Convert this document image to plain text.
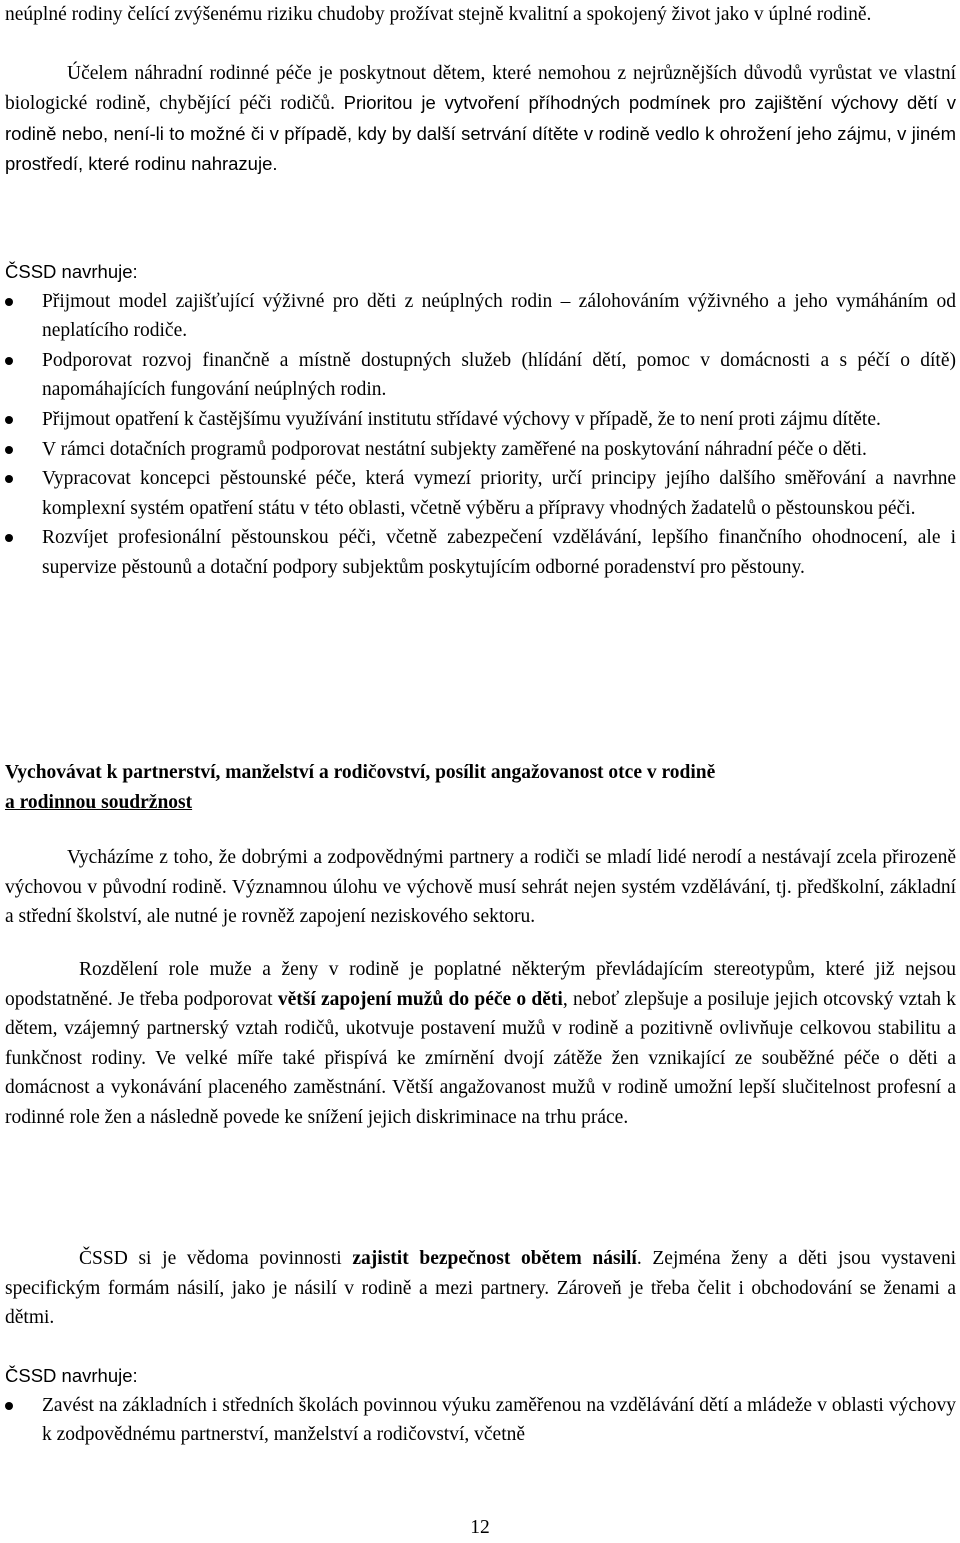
neúplné rodiny čelící zvýšenému riziku chudoby prožívat stejně kvalitní a spokojený život jako v úplné rodině.

Účelem náhradní rodinné péče je poskytnout dětem, které nemohou z nejrůznějších důvodů vyrůstat ve vlastní biologické rodině, chybějící péči rodičů. Prioritou je vytvoření příhodných podmínek pro zajištění výchovy dětí v rodině nebo, není-li to možné či v případě, kdy by další setrvání dítěte v rodině vedlo k ohrožení jeho zájmu, v jiném prostředí, které rodinu nahrazuje.

ČSSD navrhuje:

Přijmout model zajišťující výživné pro děti z neúplných rodin – zálohováním výživného a jeho vymáháním od neplatícího rodiče.
Podporovat rozvoj finančně a místně dostupných služeb (hlídání dětí, pomoc v domácnosti a s péčí o dítě) napomáhajících fungování neúplných rodin.
Přijmout opatření k častějšímu využívání institutu střídavé výchovy v případě, že to není proti zájmu dítěte.
V rámci dotačních programů podporovat nestátní subjekty zaměřené na poskytování náhradní péče o děti.
Vypracovat koncepci pěstounské péče, která vymezí priority, určí principy jejího dalšího směřování a navrhne komplexní systém opatření státu v této oblasti, včetně výběru a přípravy vhodných žadatelů o pěstounskou péči.
Rozvíjet profesionální pěstounskou péči, včetně zabezpečení vzdělávání, lepšího finančního ohodnocení, ale i supervize pěstounů a dotační podpory subjektům poskytujícím odborné poradenství pro pěstouny.
Vychovávat k partnerství, manželství a rodičovství, posílit angažovanost otce v rodině
a rodinnou soudržnost

Vycházíme z toho, že dobrými a zodpovědnými partnery a rodiči se mladí lidé nerodí a nestávají zcela přirozeně výchovou v původní rodině. Významnou úlohu ve výchově musí sehrát nejen systém vzdělávání, tj. předškolní, základní a střední školství, ale nutné je rovněž zapojení neziskového sektoru.

Rozdělení role muže a ženy v rodině je poplatné některým převládajícím stereotypům, které již nejsou opodstatněné. Je třeba podporovat větší zapojení mužů do péče o děti, neboť zlepšuje a posiluje jejich otcovský vztah k dětem, vzájemný partnerský vztah rodičů, ukotvuje postavení mužů v rodině a pozitivně ovlivňuje celkovou stabilitu a funkčnost rodiny. Ve velké míře také přispívá ke zmírnění dvojí zátěže žen vznikající ze souběžné péče o děti a domácnost a vykonávání placeného zaměstnání. Větší angažovanost mužů v rodině umožní lepší slučitelnost profesní a rodinné role žen a následně povede ke snížení jejich diskriminace na trhu práce.

ČSSD si je vědoma povinnosti zajistit bezpečnost obětem násilí. Zejména ženy a děti jsou vystaveni specifickým formám násilí, jako je násilí v rodině a mezi partnery. Zároveň je třeba čelit i obchodování se ženami a dětmi.

ČSSD navrhuje:

Zavést na základních i středních školách povinnou výuku zaměřenou na vzdělávání dětí a mládeže v oblasti výchovy k zodpovědnému partnerství, manželství a rodičovství, včetně
12
